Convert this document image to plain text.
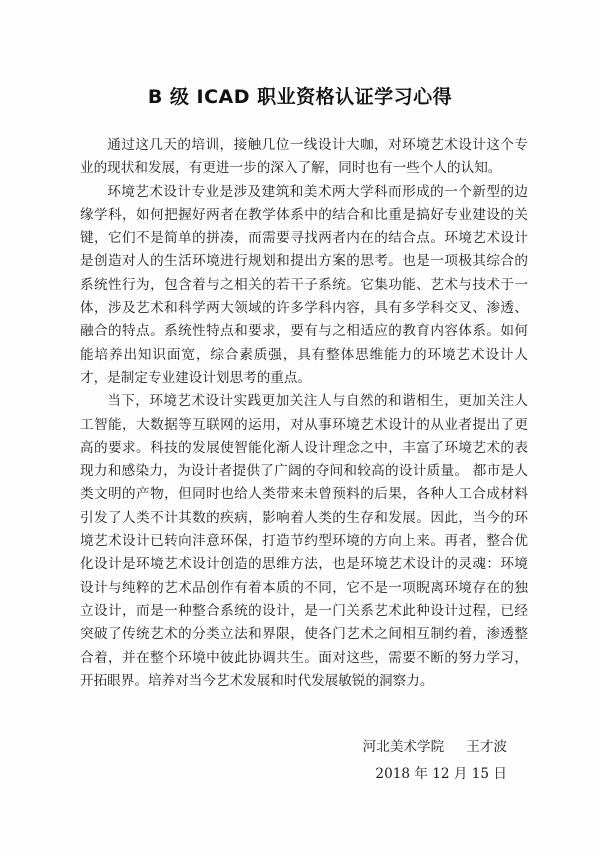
B 级 ICAD 职业资格认证学习心得

通过这几天的培训，接触几位一线设计大咖，对环境艺术设计这个专业的现状和发展，有更进一步的深入了解，同时也有一些个人的认知。

环境艺术设计专业是涉及建筑和美术两大学科而形成的一个新型的边缘学科，如何把握好两者在教学体系中的结合和比重是搞好专业建设的关键，它们不是简单的拼凑，而需要寻找两者内在的结合点。环境艺术设计是创造对人的生活环境进行规划和提出方案的思考。也是一项极其综合的系统性行为，包含着与之相关的若干子系统。它集功能、艺术与技术于一体，涉及艺术和科学两大领域的许多学科内容，具有多学科交叉、渗透、融合的特点。系统性特点和要求，要有与之相适应的教育内容体系。如何能培养出知识面宽，综合素质强，具有整体思维能力的环境艺术设计人才，是制定专业建设计划思考的重点。

当下，环境艺术设计实践更加关注人与自然的和谐相生，更加关注人工智能，大数据等互联网的运用，对从事环境艺术设计的从业者提出了更高的要求。科技的发展使智能化渐人设计理念之中，丰富了环境艺术的表现力和感染力，为设计者提供了广阔的夺间和较高的设计质量。 都市是人类文明的产物，但同时也给人类带来未曾预料的后果，各种人工合成材料引发了人类不计其数的疾病，影响着人类的生存和发展。因此，当今的环境艺术设计已转向沣意环保，打造节约型环境的方向上来。再者，整合优化设计是环境艺术设计创造的思维方法，也是环境艺术设计的灵魂：环境设计与纯粹的艺术品创作有着本质的不同，它不是一项睨离环境存在的独立设计，而是一种整合系统的设计，是一门关系艺术此种设计过程，已经突破了传统艺术的分类立法和界限，使各门艺术之间相互制约着，渗透整合着，并在整个环境中彼此协调共生。面对这些，需要不断的努力学习，开拓眼界。培养对当今艺术发展和时代发展敏锐的洞察力。

河北美术学院 王才波
2018 年 12 月 15 日
